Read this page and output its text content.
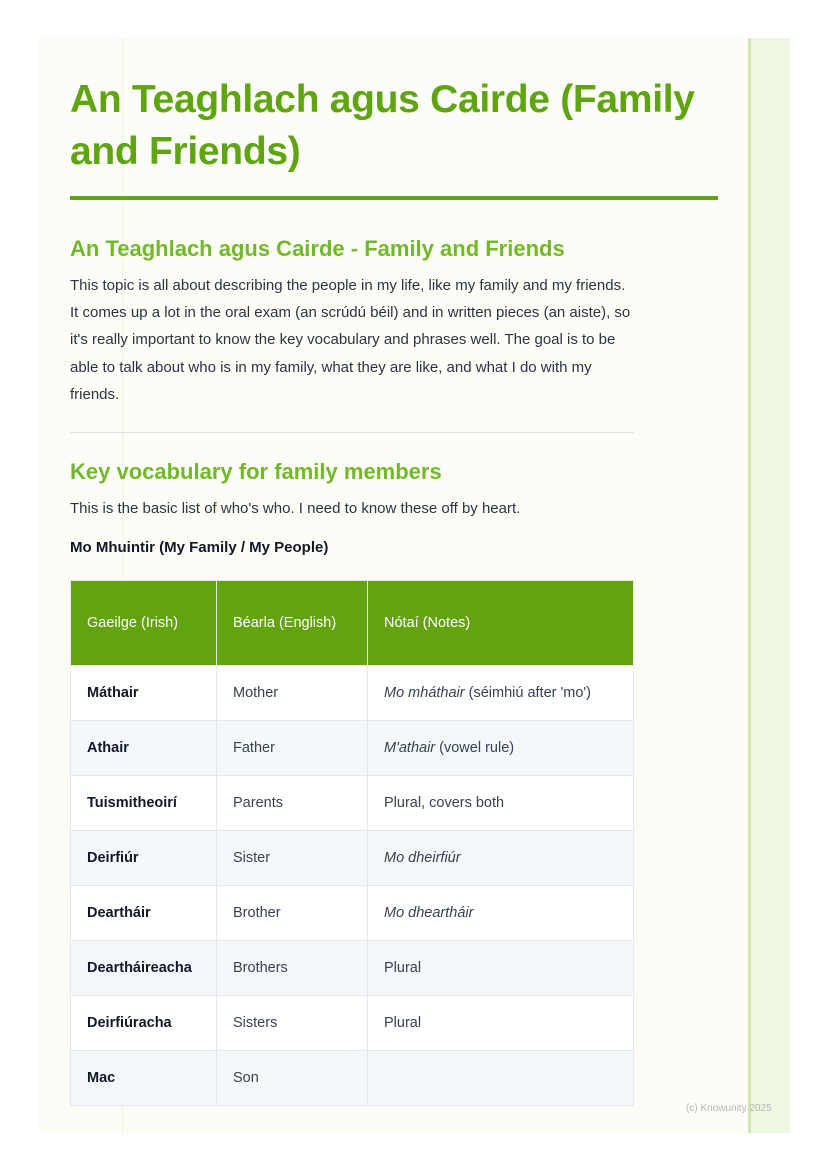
An Teaghlach agus Cairde (Family and Friends)
An Teaghlach agus Cairde - Family and Friends

This topic is all about describing the people in my life, like my family and my friends. It comes up a lot in the oral exam (an scrúdú béil) and in written pieces (an aiste), so it's really important to know the key vocabulary and phrases well. The goal is to be able to talk about who is in my family, what they are like, and what I do with my friends.

Key vocabulary for family members

This is the basic list of who's who. I need to know these off by heart.

Mo Mhuintir (My Family / My People)
Gaeilge (Irish)	Béarla (English)	Nótaí (Notes)
Máthair	Mother	Mo mháthair (séimhiú after 'mo')
Athair	Father	M'athair (vowel rule)
Tuismitheoirí	Parents	Plural, covers both
Deirfiúr	Sister	Mo dheirfiúr
Deartháir	Brother	Mo dheartháir
Deartháireacha	Brothers	Plural
Deirfiúracha	Sisters	Plural
Mac	Son	
(c) Knowunity 2025
